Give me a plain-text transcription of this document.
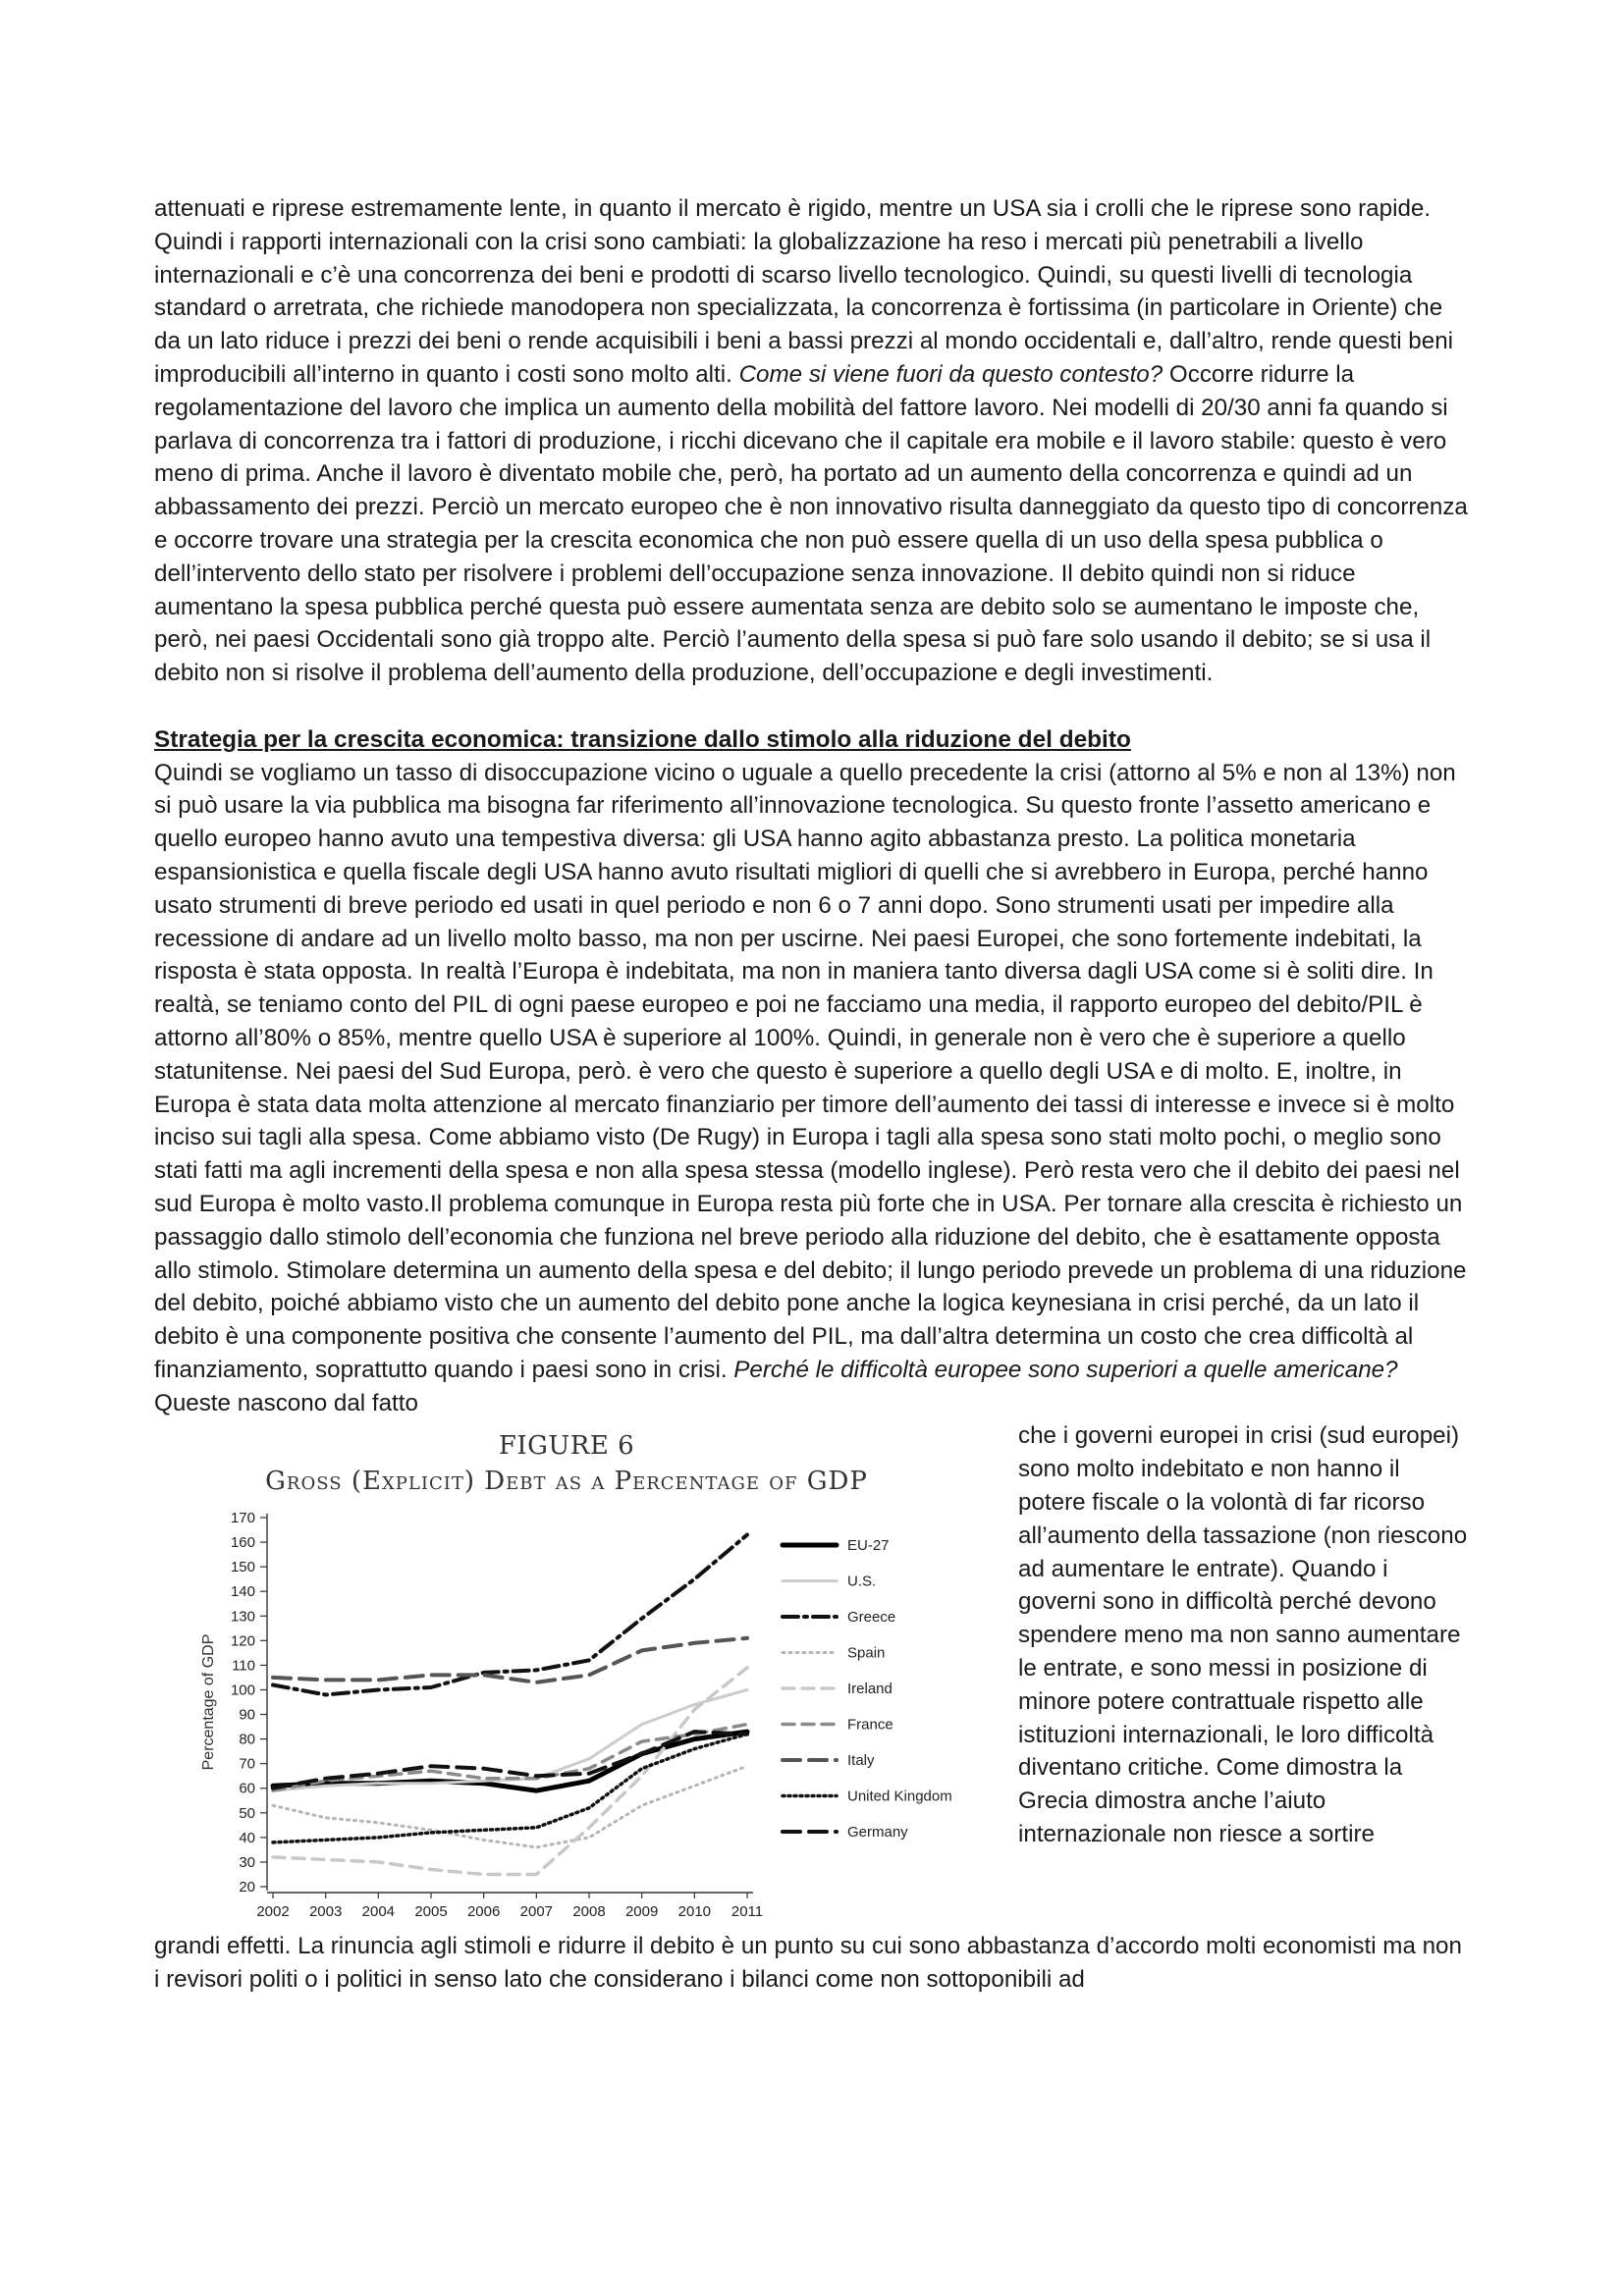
attenuati e riprese estremamente lente, in quanto il mercato è rigido, mentre un USA sia i crolli che le riprese sono rapide.

Quindi i rapporti internazionali con la crisi sono cambiati: la globalizzazione ha reso i mercati più penetrabili a livello internazionali e c’è una concorrenza dei beni e prodotti di scarso livello tecnologico. Quindi, su questi livelli di tecnologia standard o arretrata, che richiede manodopera non specializzata, la concorrenza è fortissima (in particolare in Oriente) che da un lato riduce i prezzi dei beni o rende acquisibili i beni a bassi prezzi al mondo occidentali e, dall’altro, rende questi beni improducibili all’interno in quanto i costi sono molto alti. Come si viene fuori da questo contesto? Occorre ridurre la regolamentazione del lavoro che implica un aumento della mobilità del fattore lavoro. Nei modelli di 20/30 anni fa quando si parlava di concorrenza tra i fattori di produzione, i ricchi dicevano che il capitale era mobile e il lavoro stabile: questo è vero meno di prima. Anche il lavoro è diventato mobile che, però, ha portato ad un aumento della concorrenza e quindi ad un abbassamento dei prezzi. Perciò un mercato europeo che è non innovativo risulta danneggiato da questo tipo di concorrenza e occorre trovare una strategia per la crescita economica che non può essere quella di un uso della spesa pubblica o dell’intervento dello stato per risolvere i problemi dell’occupazione senza innovazione. Il debito quindi non si riduce aumentano la spesa pubblica perché questa può essere aumentata senza are debito solo se aumentano le imposte che, però, nei paesi Occidentali sono già troppo alte. Perciò l’aumento della spesa si può fare solo usando il debito; se si usa il debito non si risolve il problema dell’aumento della produzione, dell’occupazione e degli investimenti.

Strategia per la crescita economica: transizione dallo stimolo alla riduzione del debito

Quindi se vogliamo un tasso di disoccupazione vicino o uguale a quello precedente la crisi (attorno al 5% e non al 13%) non si può usare la via pubblica ma bisogna far riferimento all’innovazione tecnologica. Su questo fronte l’assetto americano e quello europeo hanno avuto una tempestiva diversa: gli USA hanno agito abbastanza presto. La politica monetaria espansionistica e quella fiscale degli USA hanno avuto risultati migliori di quelli che si avrebbero in Europa, perché hanno usato strumenti di breve periodo ed usati in quel periodo e non 6 o 7 anni dopo. Sono strumenti usati per impedire alla recessione di andare ad un livello molto basso, ma non per uscirne. Nei paesi Europei, che sono fortemente indebitati, la risposta è stata opposta. In realtà l’Europa è indebitata, ma non in maniera tanto diversa dagli USA come si è soliti dire. In realtà, se teniamo conto del PIL di ogni paese europeo e poi ne facciamo una media, il rapporto europeo del debito/PIL è attorno all’80% o 85%, mentre quello USA è superiore al 100%. Quindi, in generale non è vero che è superiore a quello statunitense. Nei paesi del Sud Europa, però. è vero che questo è superiore a quello degli USA e di molto. E, inoltre, in Europa è stata data molta attenzione al mercato finanziario per timore dell’aumento dei tassi di interesse e invece si è molto inciso sui tagli alla spesa. Come abbiamo visto (De Rugy) in Europa i tagli alla spesa sono stati molto pochi, o meglio sono stati fatti ma agli incrementi della spesa e non alla spesa stessa (modello inglese). Però resta vero che il debito dei paesi nel sud Europa è molto vasto.Il problema comunque in Europa resta più forte che in USA. Per tornare alla crescita è richiesto un passaggio dallo stimolo dell’economia che funziona nel breve periodo alla riduzione del debito, che è esattamente opposta allo stimolo. Stimolare determina un aumento della spesa e del debito; il lungo periodo prevede un problema di una riduzione del debito, poiché abbiamo visto che un aumento del debito pone anche la logica keynesiana in crisi perché, da un lato il debito è una componente positiva che consente l’aumento del PIL, ma dall’altra determina un costo che crea difficoltà al finanziamento, soprattutto quando i paesi sono in crisi. Perché le difficoltà europee sono superiori a quelle americane? Queste nascono dal fatto

FIGURE 6
Gross (Explicit) Debt as a Percentage of GDP
20
30
40
50
60
70
80
90
100
110
120
130
140
150
160
170
2002 2003 2004 2005 2006 2007 2008 2009 2010 2011
Percentage of GDP
EU-27
U.S.
Greece
Spain
Ireland
France
Italy
United Kingdom
Germany

che i governi europei in crisi (sud europei) sono molto indebitato e non hanno il potere fiscale o la volontà di far ricorso all’aumento della tassazione (non riescono ad aumentare le entrate). Quando i governi sono in difficoltà perché devono spendere meno ma non sanno aumentare le entrate, e sono messi in posizione di minore potere contrattuale rispetto alle istituzioni internazionali, le loro difficoltà diventano critiche. Come dimostra la Grecia dimostra anche l’aiuto internazionale non riesce a sortire

grandi effetti. La rinuncia agli stimoli e ridurre il debito è un punto su cui sono abbastanza d’accordo molti economisti ma non i revisori politi o i politici in senso lato che considerano i bilanci come non sottoponibili ad
